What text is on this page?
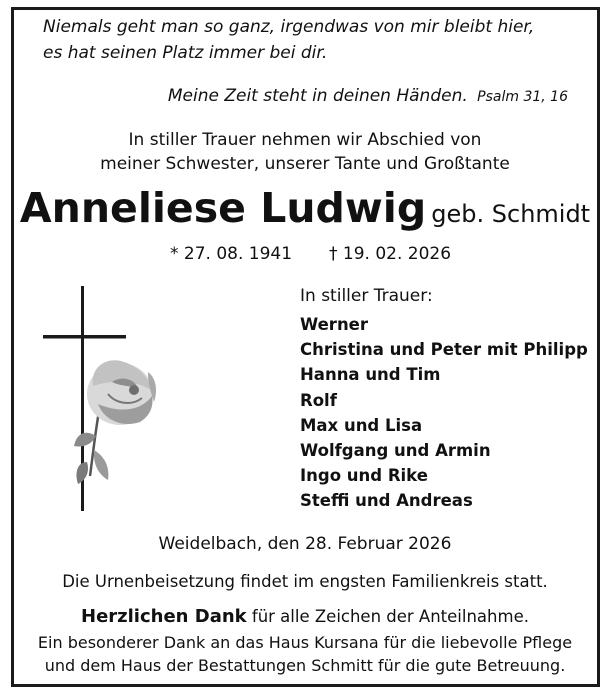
Niemals geht man so ganz, irgendwas von mir bleibt hier,
es hat seinen Platz immer bei dir.
Meine Zeit steht in deinen Händen. Psalm 31, 16
In stiller Trauer nehmen wir Abschied von
meiner Schwester, unserer Tante und Großtante
Anneliese Ludwig geb. Schmidt
* 27. 08. 1941 † 19. 02. 2026
In stiller Trauer:
Werner
Christina und Peter mit Philipp
Hanna und Tim
Rolf
Max und Lisa
Wolfgang und Armin
Ingo und Rike
Steffi und Andreas
Weidelbach, den 28. Februar 2026
Die Urnenbeisetzung findet im engsten Familienkreis statt.
Herzlichen Dank für alle Zeichen der Anteilnahme.
Ein besonderer Dank an das Haus Kursana für die liebevolle Pflege
und dem Haus der Bestattungen Schmitt für die gute Betreuung.
